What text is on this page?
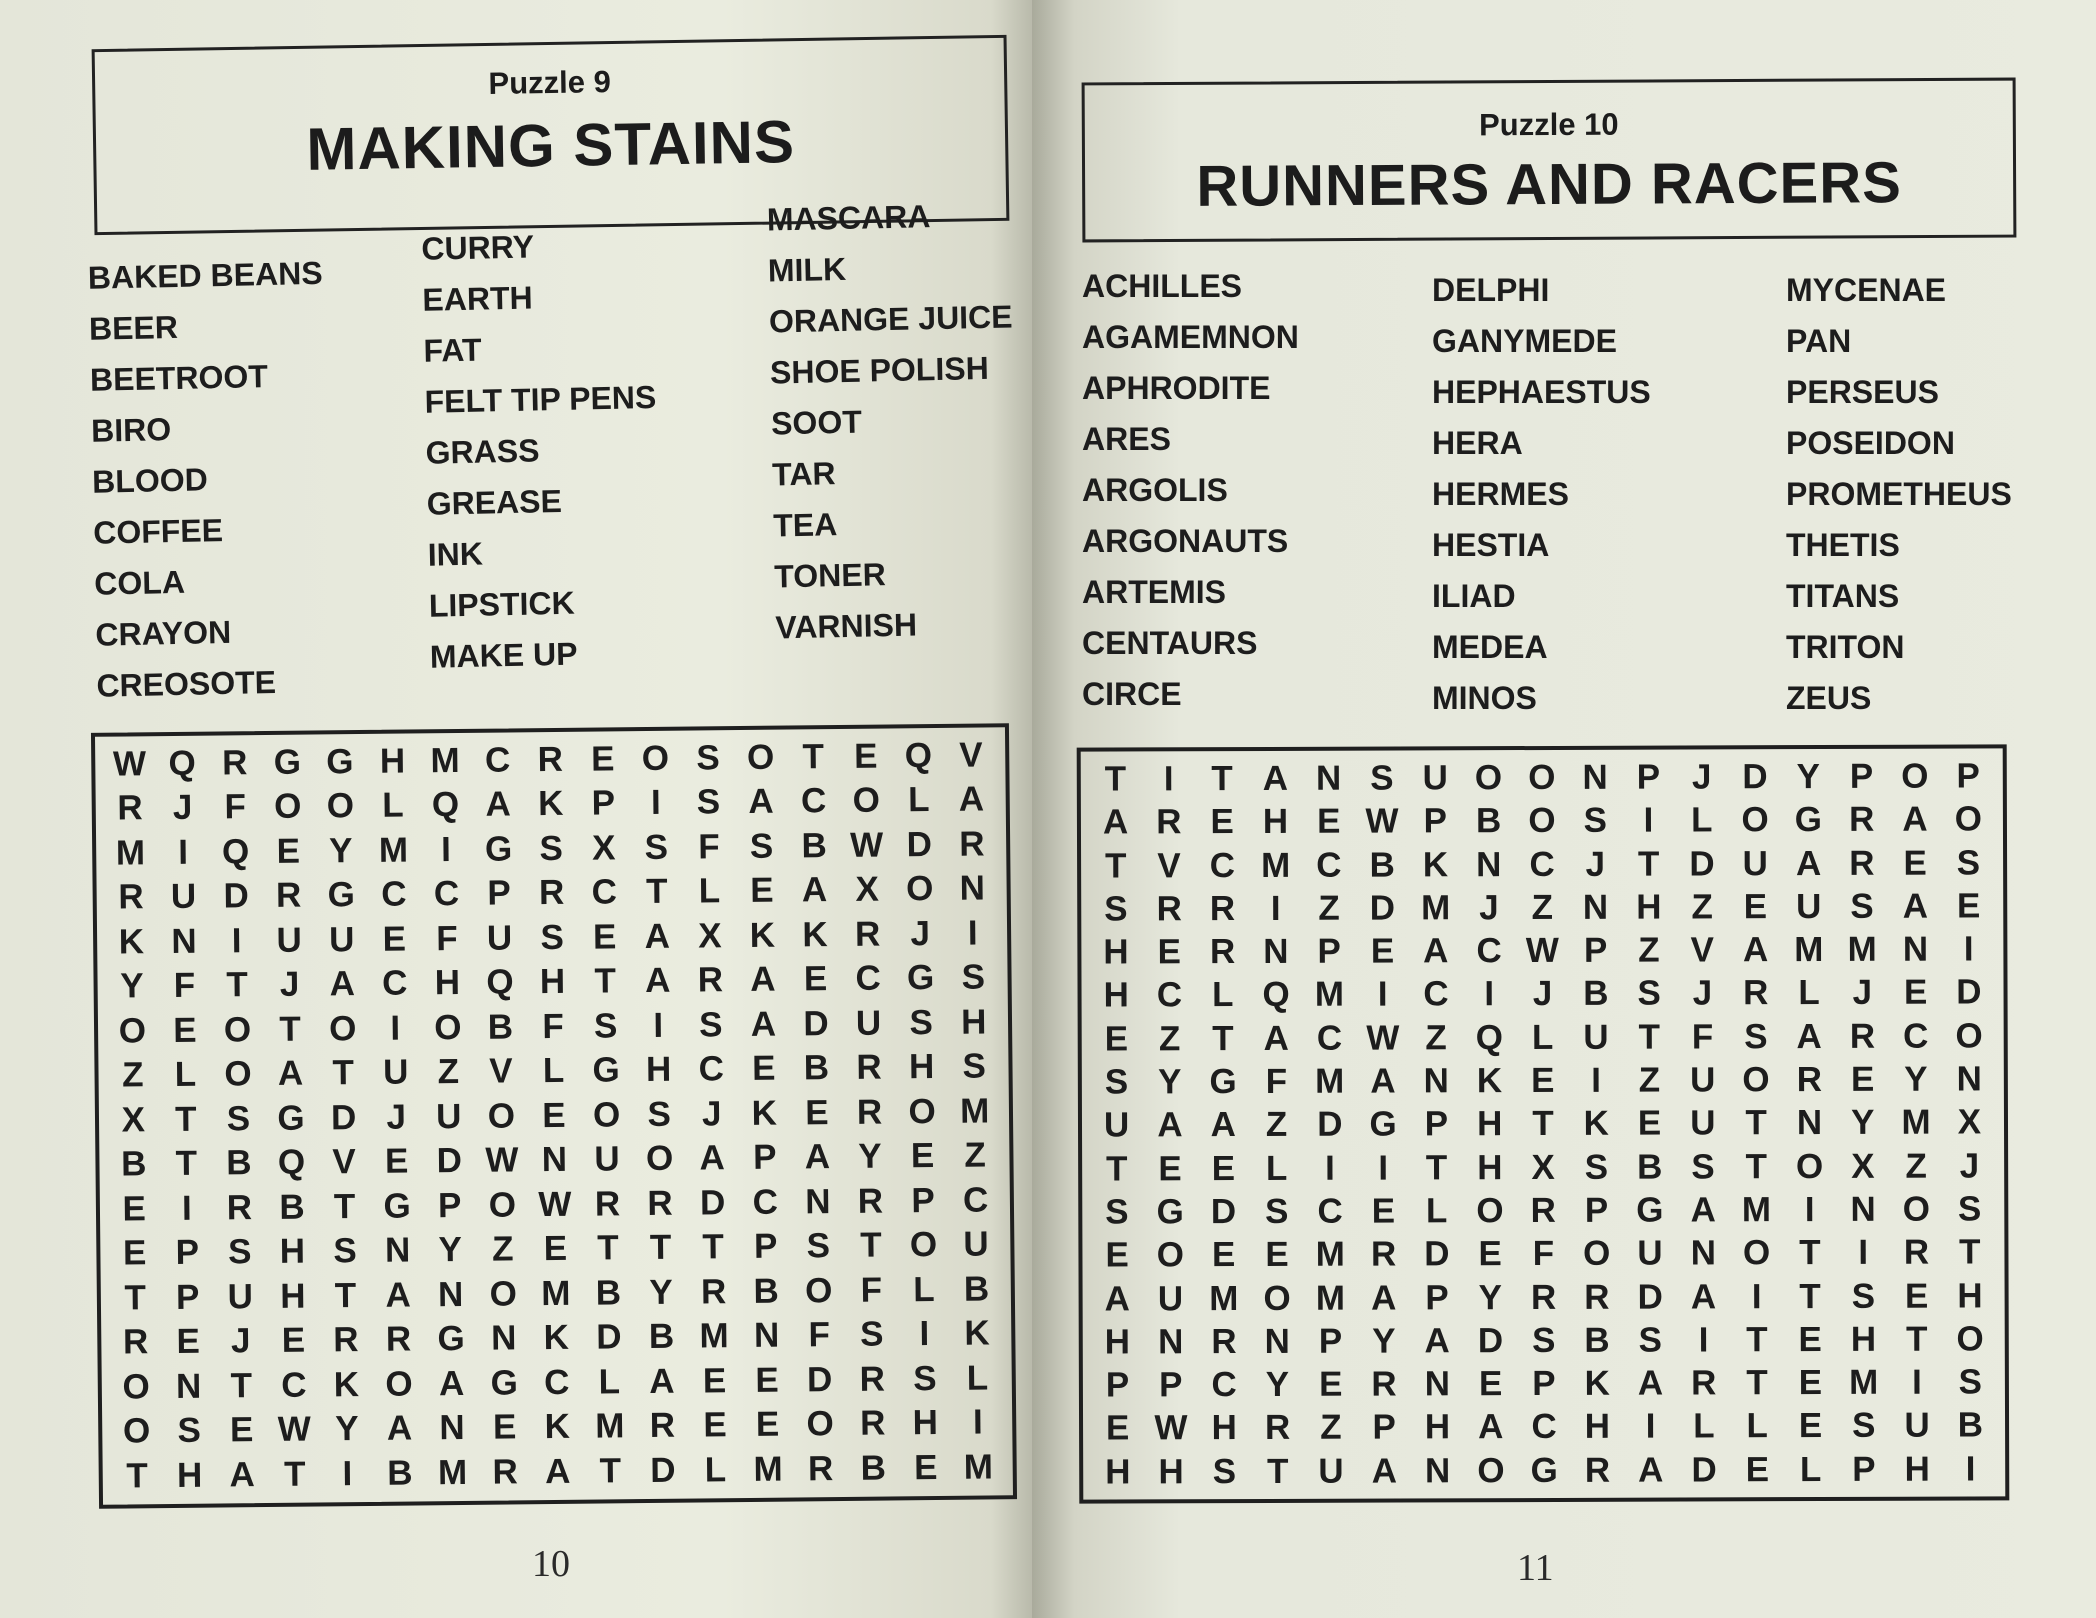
Puzzle 9
MAKING STAINS
BAKED BEANS
BEER
BEETROOT
BIRO
BLOOD
COFFEE
COLA
CRAYON
CREOSOTE
CURRY
EARTH
FAT
FELT TIP PENS
GRASS
GREASE
INK
LIPSTICK
MAKE UP
MASCARA
MILK
ORANGE JUICE
SHOE POLISH
SOOT
TAR
TEA
TONER
VARNISH
W Q R G G H M C R E O S O T E Q V
R J F O O L Q A K P	I	S A C O L A
M I Q E Y M I G S X S F S B W D R
R U D R G C C P R C T L E A X O N
K N I U U E F U S E A X K K R J	I
Y F T J A C H Q H T A R A E C G S
O E O T O I O B F S	I	S A D U S H
Z L O A T U Z V L G H C E B R H S
X T S G D J U O E O S J K E R O M
B T B Q V E D W N U O A P A Y E Z
E	I R B T G P O W R R D C N R P C
E P S H S N Y Z E T T T P S T O U
T P U H T A N O M B Y R B O F L B
R E J E R R G N K D B M N F S	I K
O N T C K O A G C L A E E D R S L
O S E W Y A N E K M R E E O R H I
T H A T	I B M R A T D L M R B E M
10
Puzzle 10
RUNNERS AND RACERS
ACHILLES
AGAMEMNON
APHRODITE
ARES
ARGOLIS
ARGONAUTS
ARTEMIS
CENTAURS
CIRCE
DELPHI
GANYMEDE
HEPHAESTUS
HERA
HERMES
HESTIA
ILIAD
MEDEA
MINOS
MYCENAE
PAN
PERSEUS
POSEIDON
PROMETHEUS
THETIS
TITANS
TRITON
ZEUS
T	I	T A N S U O O N P J D Y P O P
A R E H E W P B O S	I	L O G R A O
T V C M C B K N C J T D U A R E S
S R R	I	Z D M J Z N H Z E U S A E
H E R N P E A C W P Z V A M M N	I
H C L Q M I	C	I	J B S J R L J E D
E Z T A C W Z Q L U T F S A R C O
S Y G F M A N K E	I	Z U O R E Y N
U A A Z D G P H T K E U T N Y M X
T E E L	I	I	T H X S B S T O X Z J
S G D S C E L O R P G A M I	N O S
E O E E M R D E F O U N O T	I	R T
A U M O M A P Y R R D A	I	T S E H
H N R N P Y A D S B S	I	T E H T O
P P C Y E R N E P K A R T E M I	S
E W H R Z P H A C H	I	L L E S U B
H H S T U A N O G R A D E L P H	I
11
